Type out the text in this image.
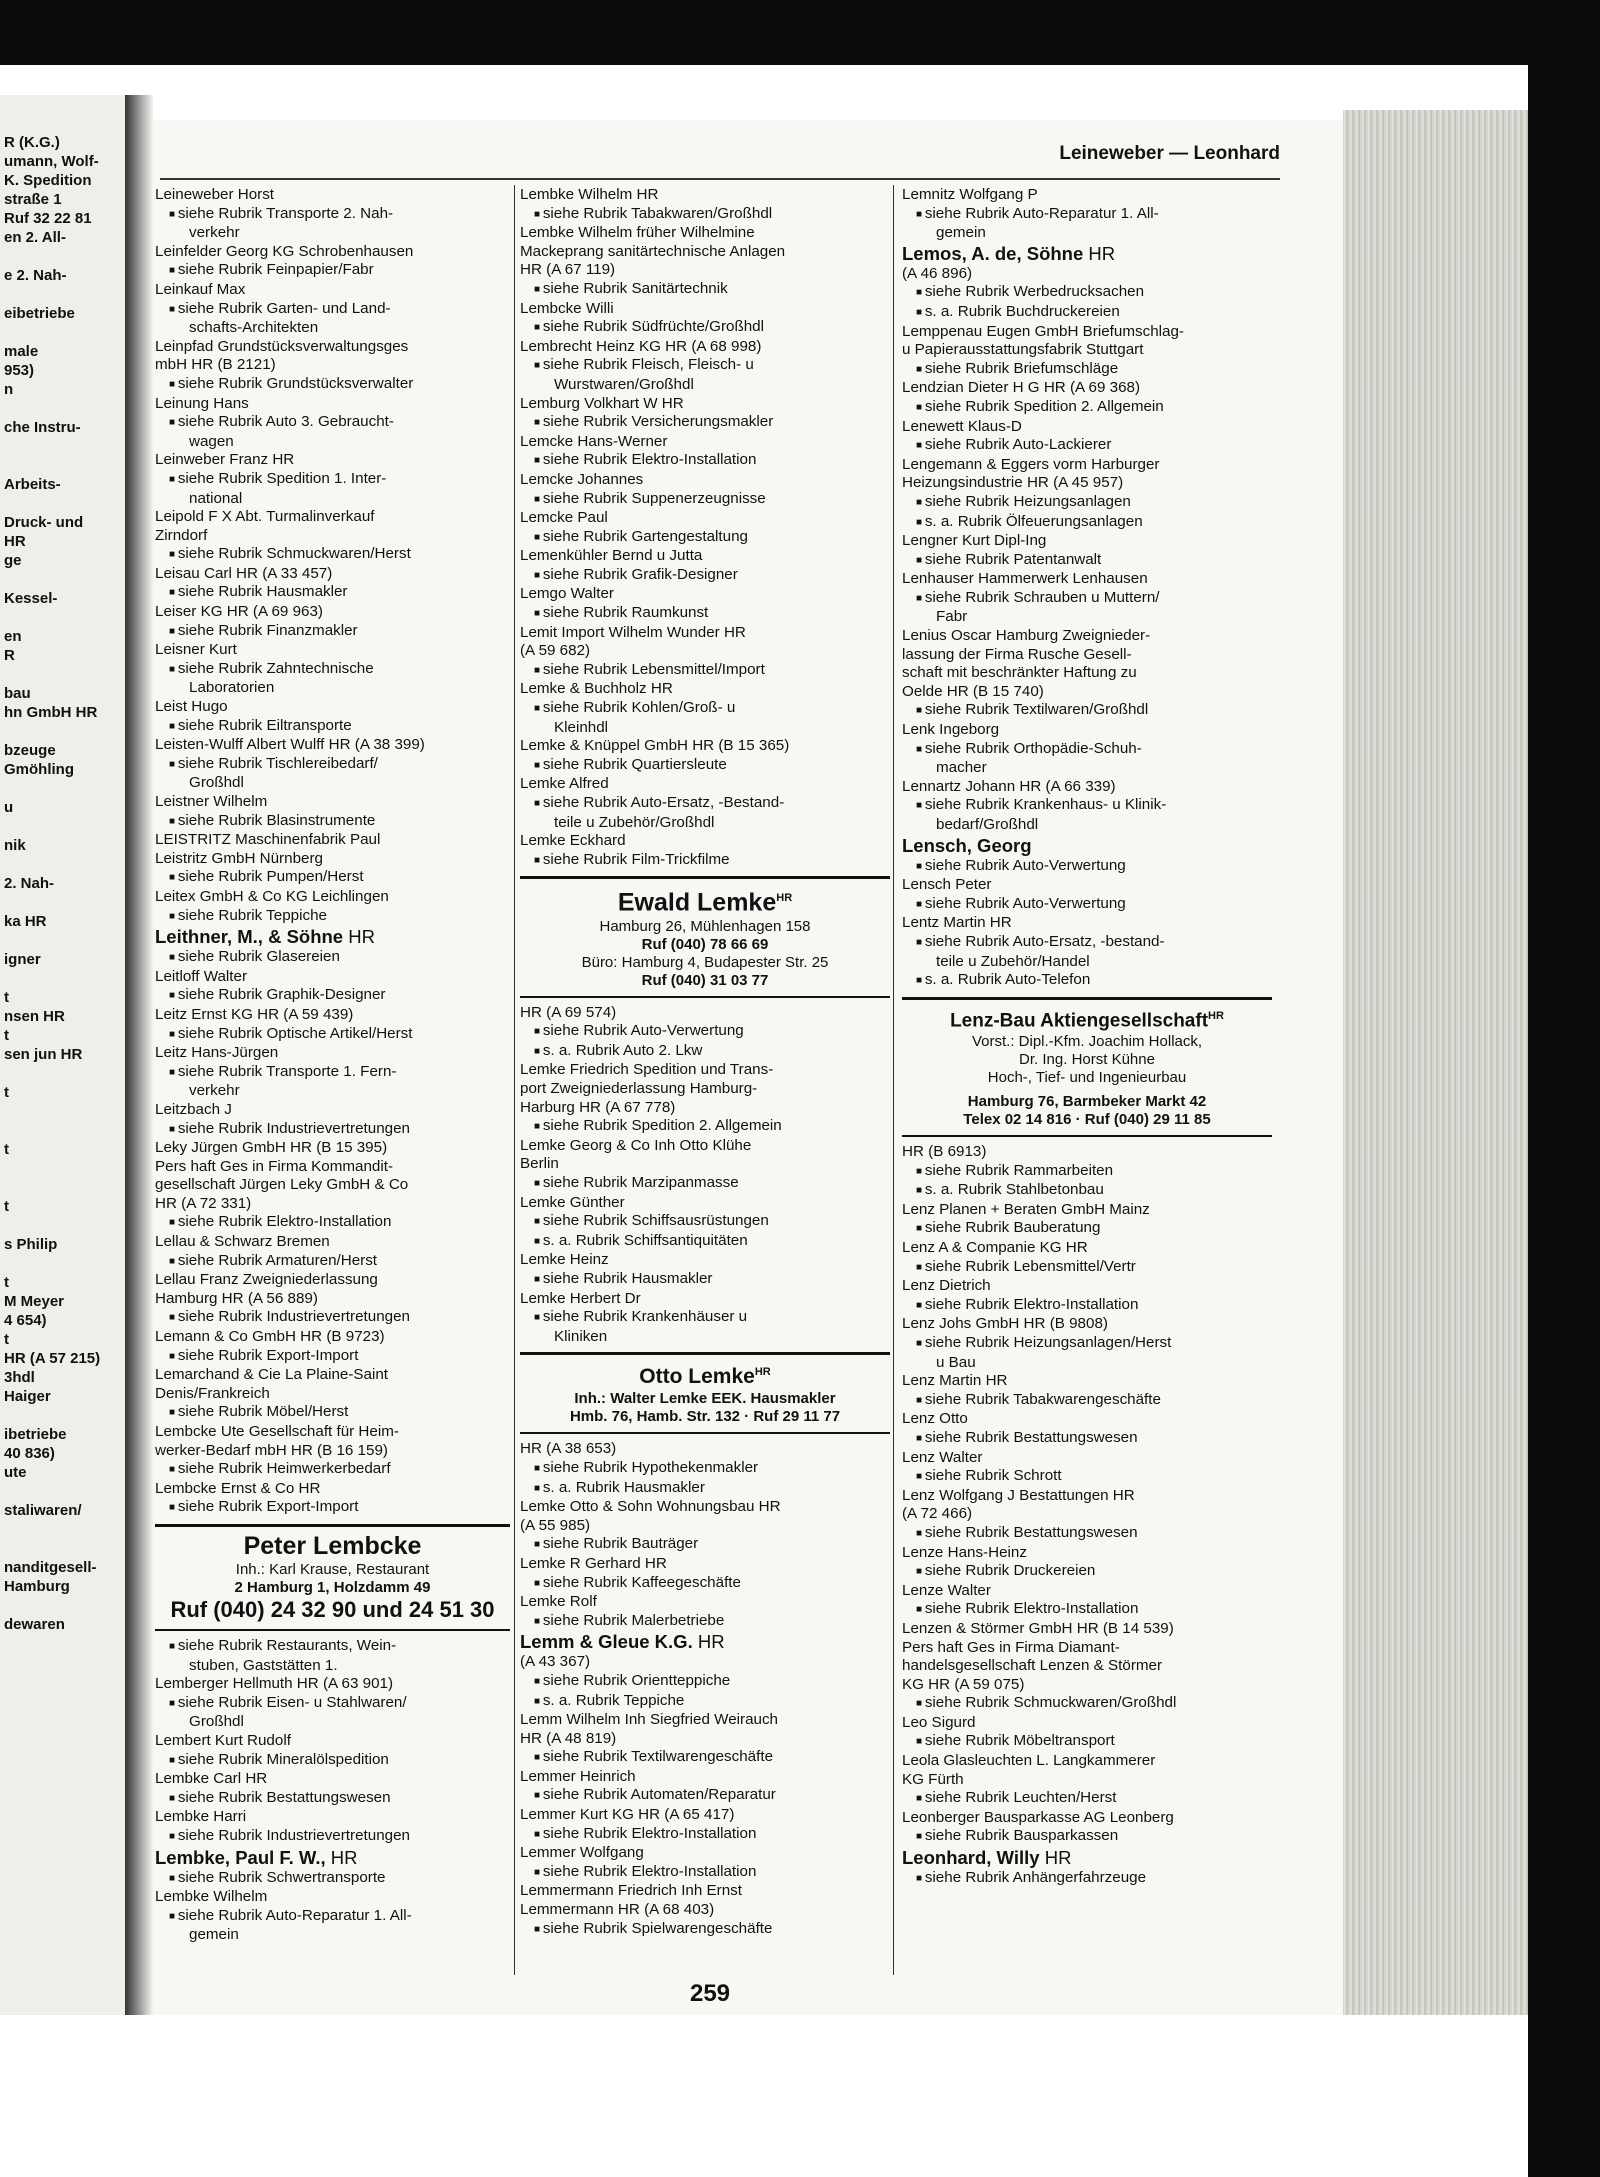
R (K.G.)
umann, Wolf-
K. Spedition
straße 1
Ruf 32 22 81
en 2. All-

e 2. Nah-

eibetriebe

male
953)
n

che Instru-

Arbeits-

Druck- und
HR
ge

Kessel-

en
R

bau
hn GmbH HR

bzeuge
Gmöhling

u

nik

2. Nah-

ka HR

igner

t
nsen HR
t
sen jun HR

t

t

t

s Philip

t
M Meyer
4 654)
t
HR (A 57 215)
3hdl
Haiger

ibetriebe
40 836)
ute

staliwaren/

nanditgesell-
Hamburg

dewaren
Leineweber — Leonhard
Leineweber Horst
■ siehe Rubrik Transporte 2. Nah-
verkehr
Leinfelder Georg KG Schrobenhausen
■ siehe Rubrik Feinpapier/Fabr
Leinkauf Max
■ siehe Rubrik Garten- und Land-
schafts-Architekten
Leinpfad Grundstücksverwaltungsges
mbH HR (B 2121)
■ siehe Rubrik Grundstücksverwalter
Leinung Hans
■ siehe Rubrik Auto 3. Gebraucht-
wagen
Leinweber Franz HR
■ siehe Rubrik Spedition 1. Inter-
national
Leipold F X Abt. Turmalinverkauf
Zirndorf
■ siehe Rubrik Schmuckwaren/Herst
Leisau Carl HR (A 33 457)
■ siehe Rubrik Hausmakler
Leiser KG HR (A 69 963)
■ siehe Rubrik Finanzmakler
Leisner Kurt
■ siehe Rubrik Zahntechnische
Laboratorien
Leist Hugo
■ siehe Rubrik Eiltransporte
Leisten-Wulff Albert Wulff HR (A 38 399)
■ siehe Rubrik Tischlereibedarf/
Großhdl
Leistner Wilhelm
■ siehe Rubrik Blasinstrumente
LEISTRITZ Maschinenfabrik Paul
Leistritz GmbH Nürnberg
■ siehe Rubrik Pumpen/Herst
Leitex GmbH & Co KG Leichlingen
■ siehe Rubrik Teppiche
Leithner, M., & Söhne HR
■ siehe Rubrik Glasereien
Leitloff Walter
■ siehe Rubrik Graphik-Designer
Leitz Ernst KG HR (A 59 439)
■ siehe Rubrik Optische Artikel/Herst
Leitz Hans-Jürgen
■ siehe Rubrik Transporte 1. Fern-
verkehr
Leitzbach J
■ siehe Rubrik Industrievertretungen
Leky Jürgen GmbH HR (B 15 395)
Pers haft Ges in Firma Kommandit-
gesellschaft Jürgen Leky GmbH & Co
HR (A 72 331)
■ siehe Rubrik Elektro-Installation
Lellau & Schwarz Bremen
■ siehe Rubrik Armaturen/Herst
Lellau Franz Zweigniederlassung
Hamburg HR (A 56 889)
■ siehe Rubrik Industrievertretungen
Lemann & Co GmbH HR (B 9723)
■ siehe Rubrik Export-Import
Lemarchand & Cie La Plaine-Saint
Denis/Frankreich
■ siehe Rubrik Möbel/Herst
Lembcke Ute Gesellschaft für Heim-
werker-Bedarf mbH HR (B 16 159)
■ siehe Rubrik Heimwerkerbedarf
Lembcke Ernst & Co HR
■ siehe Rubrik Export-Import
Peter Lembcke
Inh.: Karl Krause, Restaurant
2 Hamburg 1, Holzdamm 49
Ruf (040) 24 32 90 und 24 51 30
■ siehe Rubrik Restaurants, Wein-
stuben, Gaststätten 1.
Lemberger Hellmuth HR (A 63 901)
■ siehe Rubrik Eisen- u Stahlwaren/
Großhdl
Lembert Kurt Rudolf
■ siehe Rubrik Mineralölspedition
Lembke Carl HR
■ siehe Rubrik Bestattungswesen
Lembke Harri
■ siehe Rubrik Industrievertretungen
Lembke, Paul F. W., HR
■ siehe Rubrik Schwertransporte
Lembke Wilhelm
■ siehe Rubrik Auto-Reparatur 1. All-
gemein
Lembke Wilhelm HR
■ siehe Rubrik Tabakwaren/Großhdl
Lembke Wilhelm früher Wilhelmine
Mackeprang sanitärtechnische Anlagen
HR (A 67 119)
■ siehe Rubrik Sanitärtechnik
Lembcke Willi
■ siehe Rubrik Südfrüchte/Großhdl
Lembrecht Heinz KG HR (A 68 998)
■ siehe Rubrik Fleisch, Fleisch- u
Wurstwaren/Großhdl
Lemburg Volkhart W HR
■ siehe Rubrik Versicherungsmakler
Lemcke Hans-Werner
■ siehe Rubrik Elektro-Installation
Lemcke Johannes
■ siehe Rubrik Suppenerzeugnisse
Lemcke Paul
■ siehe Rubrik Gartengestaltung
Lemenkühler Bernd u Jutta
■ siehe Rubrik Grafik-Designer
Lemgo Walter
■ siehe Rubrik Raumkunst
Lemit Import Wilhelm Wunder HR
(A 59 682)
■ siehe Rubrik Lebensmittel/Import
Lemke & Buchholz HR
■ siehe Rubrik Kohlen/Groß- u
Kleinhdl
Lemke & Knüppel GmbH HR (B 15 365)
■ siehe Rubrik Quartiersleute
Lemke Alfred
■ siehe Rubrik Auto-Ersatz, -Bestand-
teile u Zubehör/Großhdl
Lemke Eckhard
■ siehe Rubrik Film-Trickfilme
Ewald Lemke$^{HR}$
Hamburg 26, Mühlenhagen 158
Ruf (040) 78 66 69
Büro: Hamburg 4, Budapester Str. 25
Ruf (040) 31 03 77
HR (A 69 574)
■ siehe Rubrik Auto-Verwertung
■ s. a. Rubrik Auto 2. Lkw
Lemke Friedrich Spedition und Trans-
port Zweigniederlassung Hamburg-
Harburg HR (A 67 778)
■ siehe Rubrik Spedition 2. Allgemein
Lemke Georg & Co Inh Otto Klühe
Berlin
■ siehe Rubrik Marzipanmasse
Lemke Günther
■ siehe Rubrik Schiffsausrüstungen
■ s. a. Rubrik Schiffsantiquitäten
Lemke Heinz
■ siehe Rubrik Hausmakler
Lemke Herbert Dr
■ siehe Rubrik Krankenhäuser u
Kliniken
Otto Lemke$^{HR}$
Inh.: Walter Lemke EEK. Hausmakler
Hmb. 76, Hamb. Str. 132 · Ruf 29 11 77
HR (A 38 653)
■ siehe Rubrik Hypothekenmakler
■ s. a. Rubrik Hausmakler
Lemke Otto & Sohn Wohnungsbau HR
(A 55 985)
■ siehe Rubrik Bauträger
Lemke R Gerhard HR
■ siehe Rubrik Kaffeegeschäfte
Lemke Rolf
■ siehe Rubrik Malerbetriebe
Lemm & Gleue K.G. HR
(A 43 367)
■ siehe Rubrik Orientteppiche
■ s. a. Rubrik Teppiche
Lemm Wilhelm Inh Siegfried Weirauch
HR (A 48 819)
■ siehe Rubrik Textilwarengeschäfte
Lemmer Heinrich
■ siehe Rubrik Automaten/Reparatur
Lemmer Kurt KG HR (A 65 417)
■ siehe Rubrik Elektro-Installation
Lemmer Wolfgang
■ siehe Rubrik Elektro-Installation
Lemmermann Friedrich Inh Ernst
Lemmermann HR (A 68 403)
■ siehe Rubrik Spielwarengeschäfte
Lemnitz Wolfgang P
■ siehe Rubrik Auto-Reparatur 1. All-
gemein
Lemos, A. de, Söhne HR
(A 46 896)
■ siehe Rubrik Werbedrucksachen
■ s. a. Rubrik Buchdruckereien
Lemppenau Eugen GmbH Briefumschlag-
u Papierausstattungsfabrik Stuttgart
■ siehe Rubrik Briefumschläge
Lendzian Dieter H G HR (A 69 368)
■ siehe Rubrik Spedition 2. Allgemein
Lenewett Klaus-D
■ siehe Rubrik Auto-Lackierer
Lengemann & Eggers vorm Harburger
Heizungsindustrie HR (A 45 957)
■ siehe Rubrik Heizungsanlagen
■ s. a. Rubrik Ölfeuerungsanlagen
Lengner Kurt Dipl-Ing
■ siehe Rubrik Patentanwalt
Lenhauser Hammerwerk Lenhausen
■ siehe Rubrik Schrauben u Muttern/
Fabr
Lenius Oscar Hamburg Zweignieder-
lassung der Firma Rusche Gesell-
schaft mit beschränkter Haftung zu
Oelde HR (B 15 740)
■ siehe Rubrik Textilwaren/Großhdl
Lenk Ingeborg
■ siehe Rubrik Orthopädie-Schuh-
macher
Lennartz Johann HR (A 66 339)
■ siehe Rubrik Krankenhaus- u Klinik-
bedarf/Großhdl
Lensch, Georg
■ siehe Rubrik Auto-Verwertung
Lensch Peter
■ siehe Rubrik Auto-Verwertung
Lentz Martin HR
■ siehe Rubrik Auto-Ersatz, -bestand-
teile u Zubehör/Handel
■ s. a. Rubrik Auto-Telefon
Lenz-Bau Aktiengesellschaft$^{HR}$
Vorst.: Dipl.-Kfm. Joachim Hollack,
Dr. Ing. Horst Kühne
Hoch-, Tief- und Ingenieurbau
Hamburg 76, Barmbeker Markt 42
Telex 02 14 816 · Ruf (040) 29 11 85
HR (B 6913)
■ siehe Rubrik Rammarbeiten
■ s. a. Rubrik Stahlbetonbau
Lenz Planen + Beraten GmbH Mainz
■ siehe Rubrik Bauberatung
Lenz A & Companie KG HR
■ siehe Rubrik Lebensmittel/Vertr
Lenz Dietrich
■ siehe Rubrik Elektro-Installation
Lenz Johs GmbH HR (B 9808)
■ siehe Rubrik Heizungsanlagen/Herst
u Bau
Lenz Martin HR
■ siehe Rubrik Tabakwarengeschäfte
Lenz Otto
■ siehe Rubrik Bestattungswesen
Lenz Walter
■ siehe Rubrik Schrott
Lenz Wolfgang J Bestattungen HR
(A 72 466)
■ siehe Rubrik Bestattungswesen
Lenze Hans-Heinz
■ siehe Rubrik Druckereien
Lenze Walter
■ siehe Rubrik Elektro-Installation
Lenzen & Störmer GmbH HR (B 14 539)
Pers haft Ges in Firma Diamant-
handelsgesellschaft Lenzen & Störmer
KG HR (A 59 075)
■ siehe Rubrik Schmuckwaren/Großhdl
Leo Sigurd
■ siehe Rubrik Möbeltransport
Leola Glasleuchten L. Langkammerer
KG Fürth
■ siehe Rubrik Leuchten/Herst
Leonberger Bausparkasse AG Leonberg
■ siehe Rubrik Bausparkassen
Leonhard, Willy HR
■ siehe Rubrik Anhängerfahrzeuge
259
